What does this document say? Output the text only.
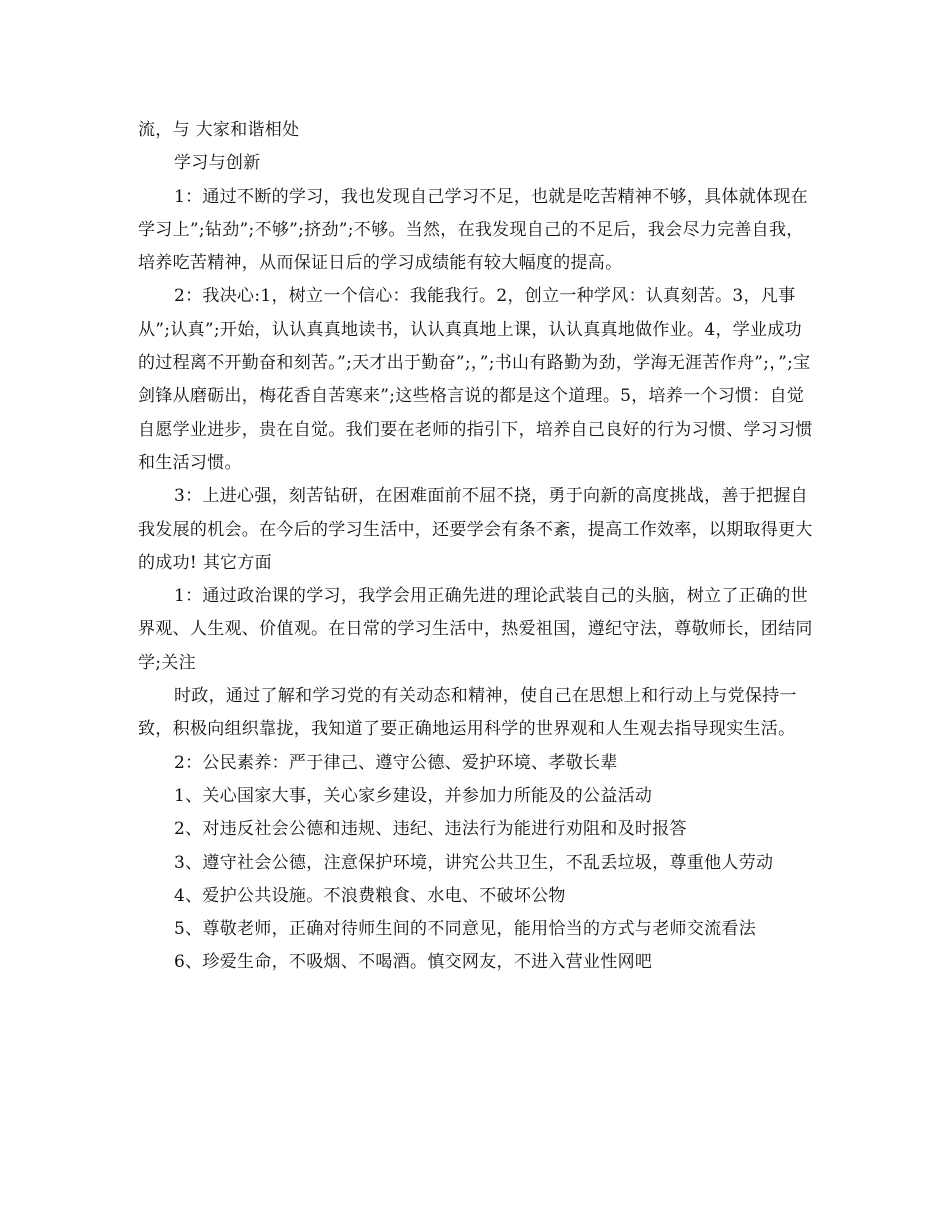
流，与 大家和谐相处

学习与创新

1：通过不断的学习，我也发现自己学习不足，也就是吃苦精神不够，具体就体现在学习上”;钻劲”;不够”;挤劲”;不够。当然，在我发现自己的不足后，我会尽力完善自我，培养吃苦精神，从而保证日后的学习成绩能有较大幅度的提高。

2：我决心:1，树立一个信心：我能我行。2，创立一种学风：认真刻苦。3，凡事从”;认真”;开始，认认真真地读书，认认真真地上课，认认真真地做作业。4，学业成功的过程离不开勤奋和刻苦。”;天才出于勤奋”;，”;书山有路勤为劲，学海无涯苦作舟”;，”;宝剑锋从磨砺出，梅花香自苦寒来”;这些格言说的都是这个道理。5，培养一个习惯：自觉自愿学业进步，贵在自觉。我们要在老师的指引下，培养自己良好的行为习惯、学习习惯和生活习惯。

3：上进心强，刻苦钻研，在困难面前不屈不挠，勇于向新的高度挑战，善于把握自我发展的机会。在今后的学习生活中，还要学会有条不紊，提高工作效率，以期取得更大的成功! 其它方面

1：通过政治课的学习，我学会用正确先进的理论武装自己的头脑，树立了正确的世界观、人生观、价值观。在日常的学习生活中，热爱祖国，遵纪守法，尊敬师长，团结同学;关注

时政，通过了解和学习党的有关动态和精神，使自己在思想上和行动上与党保持一致，积极向组织靠拢，我知道了要正确地运用科学的世界观和人生观去指导现实生活。

2：公民素养：严于律己、遵守公德、爱护环境、孝敬长辈

1、关心国家大事，关心家乡建设，并参加力所能及的公益活动

2、对违反社会公德和违规、违纪、违法行为能进行劝阻和及时报答

3、遵守社会公德，注意保护环境，讲究公共卫生，不乱丢垃圾，尊重他人劳动

4、爱护公共设施。不浪费粮食、水电、不破坏公物

5、尊敬老师，正确对待师生间的不同意见，能用恰当的方式与老师交流看法

6、珍爱生命，不吸烟、不喝酒。慎交网友，不进入营业性网吧
